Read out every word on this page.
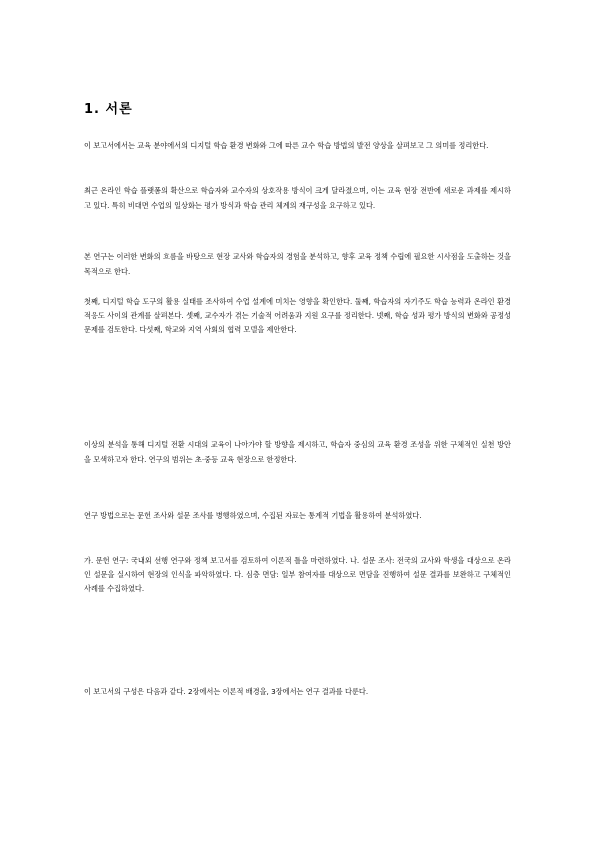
1. 서론
이 보고서에서는 교육 분야에서의 디지털 학습 환경 변화와 그에 따른 교수 학습 방법의 발전 양상을 살펴보고 그 의미를 정리한다.
최근 온라인 학습 플랫폼의 확산으로 학습자와 교수자의 상호작용 방식이 크게 달라졌으며, 이는 교육 현장 전반에 새로운 과제를 제시하고 있다. 특히 비대면 수업의 일상화는 평가 방식과 학습 관리 체계의 재구성을 요구하고 있다.
본 연구는 이러한 변화의 흐름을 바탕으로 현장 교사와 학습자의 경험을 분석하고, 향후 교육 정책 수립에 필요한 시사점을 도출하는 것을 목적으로 한다.
첫째, 디지털 학습 도구의 활용 실태를 조사하여 수업 설계에 미치는 영향을 확인한다. 둘째, 학습자의 자기주도 학습 능력과 온라인 환경 적응도 사이의 관계를 살펴본다. 셋째, 교수자가 겪는 기술적 어려움과 지원 요구를 정리한다. 넷째, 학습 성과 평가 방식의 변화와 공정성 문제를 검토한다. 다섯째, 학교와 지역 사회의 협력 모델을 제안한다.
이상의 분석을 통해 디지털 전환 시대의 교육이 나아가야 할 방향을 제시하고, 학습자 중심의 교육 환경 조성을 위한 구체적인 실천 방안을 모색하고자 한다. 연구의 범위는 초·중등 교육 현장으로 한정한다.
연구 방법으로는 문헌 조사와 설문 조사를 병행하였으며, 수집된 자료는 통계적 기법을 활용하여 분석하였다.
가. 문헌 연구: 국내외 선행 연구와 정책 보고서를 검토하여 이론적 틀을 마련하였다. 나. 설문 조사: 전국의 교사와 학생을 대상으로 온라인 설문을 실시하여 현장의 인식을 파악하였다. 다. 심층 면담: 일부 참여자를 대상으로 면담을 진행하여 설문 결과를 보완하고 구체적인 사례를 수집하였다.
이 보고서의 구성은 다음과 같다. 2장에서는 이론적 배경을, 3장에서는 연구 결과를 다룬다.
